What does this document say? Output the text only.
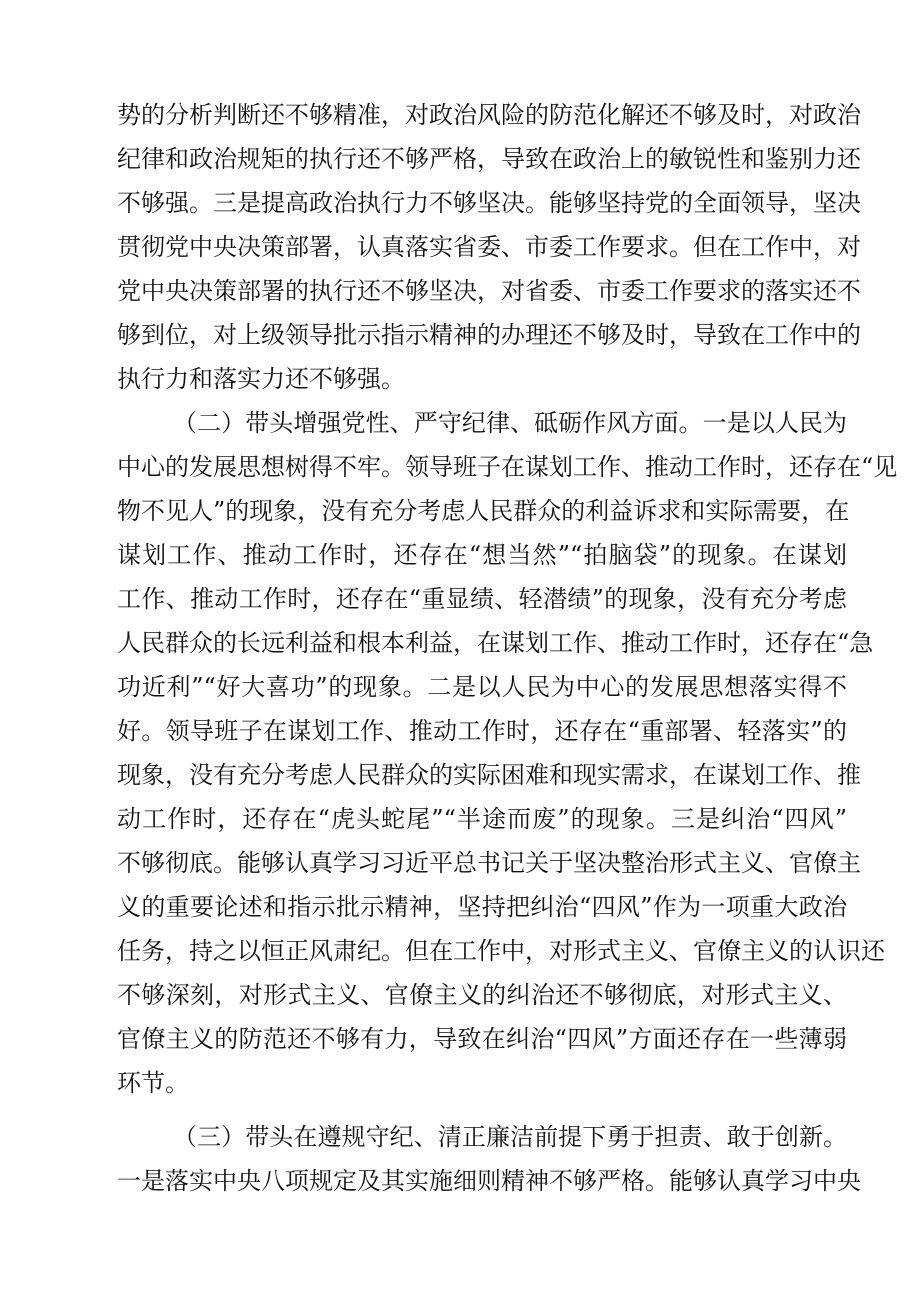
势的分析判断还不够精准，对政治风险的防范化解还不够及时，对政治
纪律和政治规矩的执行还不够严格，导致在政治上的敏锐性和鉴别力还
不够强。三是提高政治执行力不够坚决。能够坚持党的全面领导，坚决
贯彻党中央决策部署，认真落实省委、市委工作要求。但在工作中，对
党中央决策部署的执行还不够坚决，对省委、市委工作要求的落实还不
够到位，对上级领导批示指示精神的办理还不够及时，导致在工作中的
执行力和落实力还不够强。
（二）带头增强党性、严守纪律、砥砺作风方面。一是以人民为
中心的发展思想树得不牢。领导班子在谋划工作、推动工作时，还存在“见
物不见人”的现象，没有充分考虑人民群众的利益诉求和实际需要，在
谋划工作、推动工作时，还存在“想当然”“拍脑袋”的现象。在谋划
工作、推动工作时，还存在“重显绩、轻潜绩”的现象，没有充分考虑
人民群众的长远利益和根本利益，在谋划工作、推动工作时，还存在“急
功近利”“好大喜功”的现象。二是以人民为中心的发展思想落实得不
好。领导班子在谋划工作、推动工作时，还存在“重部署、轻落实”的
现象，没有充分考虑人民群众的实际困难和现实需求，在谋划工作、推
动工作时，还存在“虎头蛇尾”“半途而废”的现象。三是纠治“四风”
不够彻底。能够认真学习习近平总书记关于坚决整治形式主义、官僚主
义的重要论述和指示批示精神，坚持把纠治“四风”作为一项重大政治
任务，持之以恒正风肃纪。但在工作中，对形式主义、官僚主义的认识还
不够深刻，对形式主义、官僚主义的纠治还不够彻底，对形式主义、
官僚主义的防范还不够有力，导致在纠治“四风”方面还存在一些薄弱
环节。
（三）带头在遵规守纪、清正廉洁前提下勇于担责、敢于创新。
一是落实中央八项规定及其实施细则精神不够严格。能够认真学习中央
